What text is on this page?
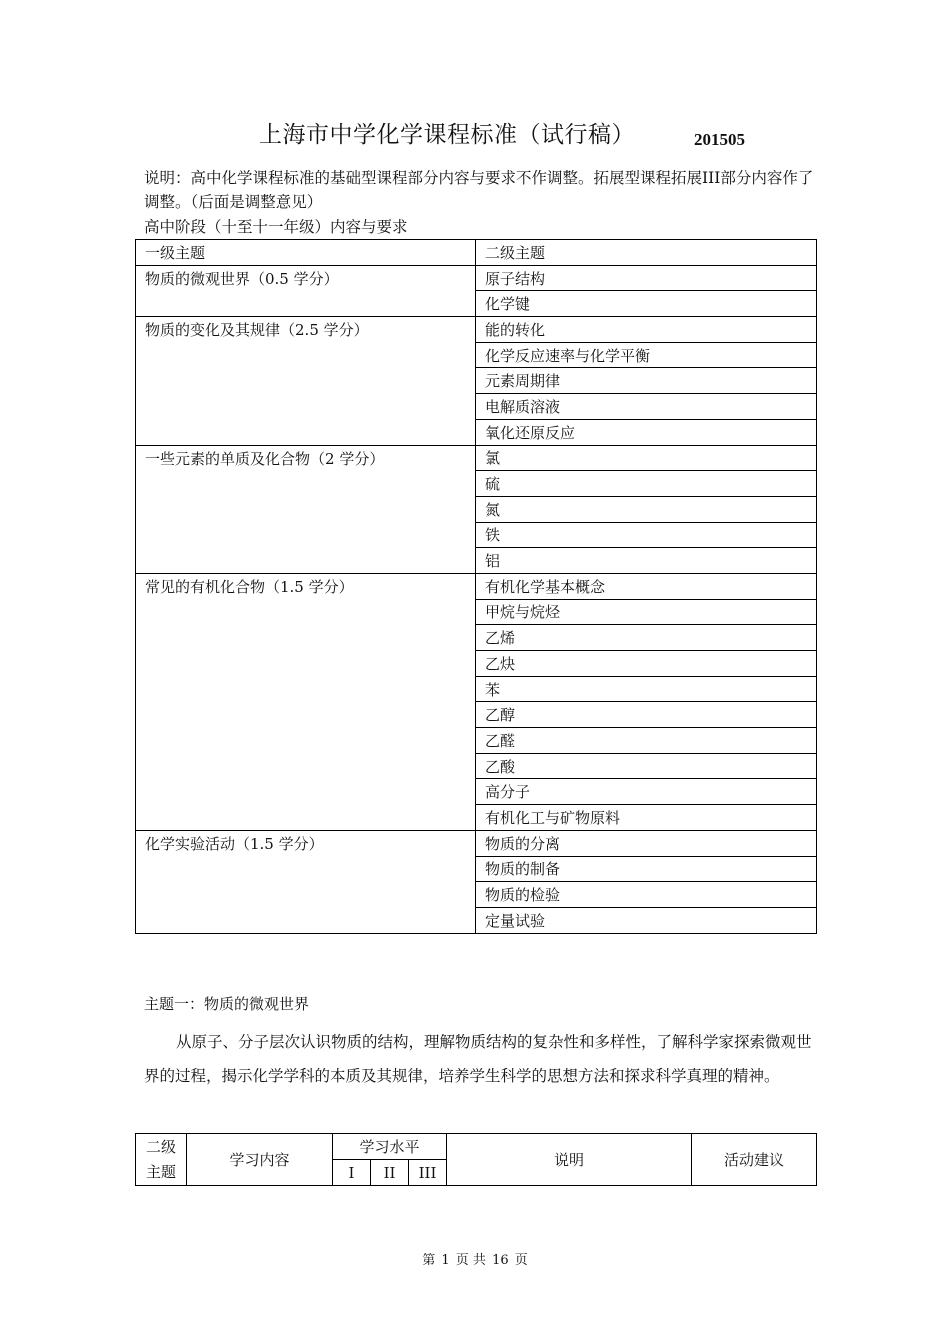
上海市中学化学课程标准（试行稿）	201505
说明：高中化学课程标准的基础型课程部分内容与要求不作调整。拓展型课程拓展III部分内容作了调整。（后面是调整意见）
高中阶段（十至十一年级）内容与要求
一级主题	二级主题
物质的微观世界（0.5 学分）	原子结构
	化学键
物质的变化及其规律（2.5 学分）	能的转化
	化学反应速率与化学平衡
	元素周期律
	电解质溶液
	氧化还原反应
一些元素的单质及化合物（2 学分）	氯
	硫
	氮
	铁
	铝
常见的有机化合物（1.5 学分）	有机化学基本概念
	甲烷与烷烃
	乙烯
	乙炔
	苯
	乙醇
	乙醛
	乙酸
	高分子
	有机化工与矿物原料
化学实验活动（1.5 学分）	物质的分离
	物质的制备
	物质的检验
	定量试验
主题一：物质的微观世界
从原子、分子层次认识物质的结构，理解物质结构的复杂性和多样性，了解科学家探索微观世界的过程，揭示化学学科的本质及其规律，培养学生科学的思想方法和探求科学真理的精神。
二级
主题	学习内容	学习水平			说明	活动建议
		I	II	III		
第 1 页 共 16 页
